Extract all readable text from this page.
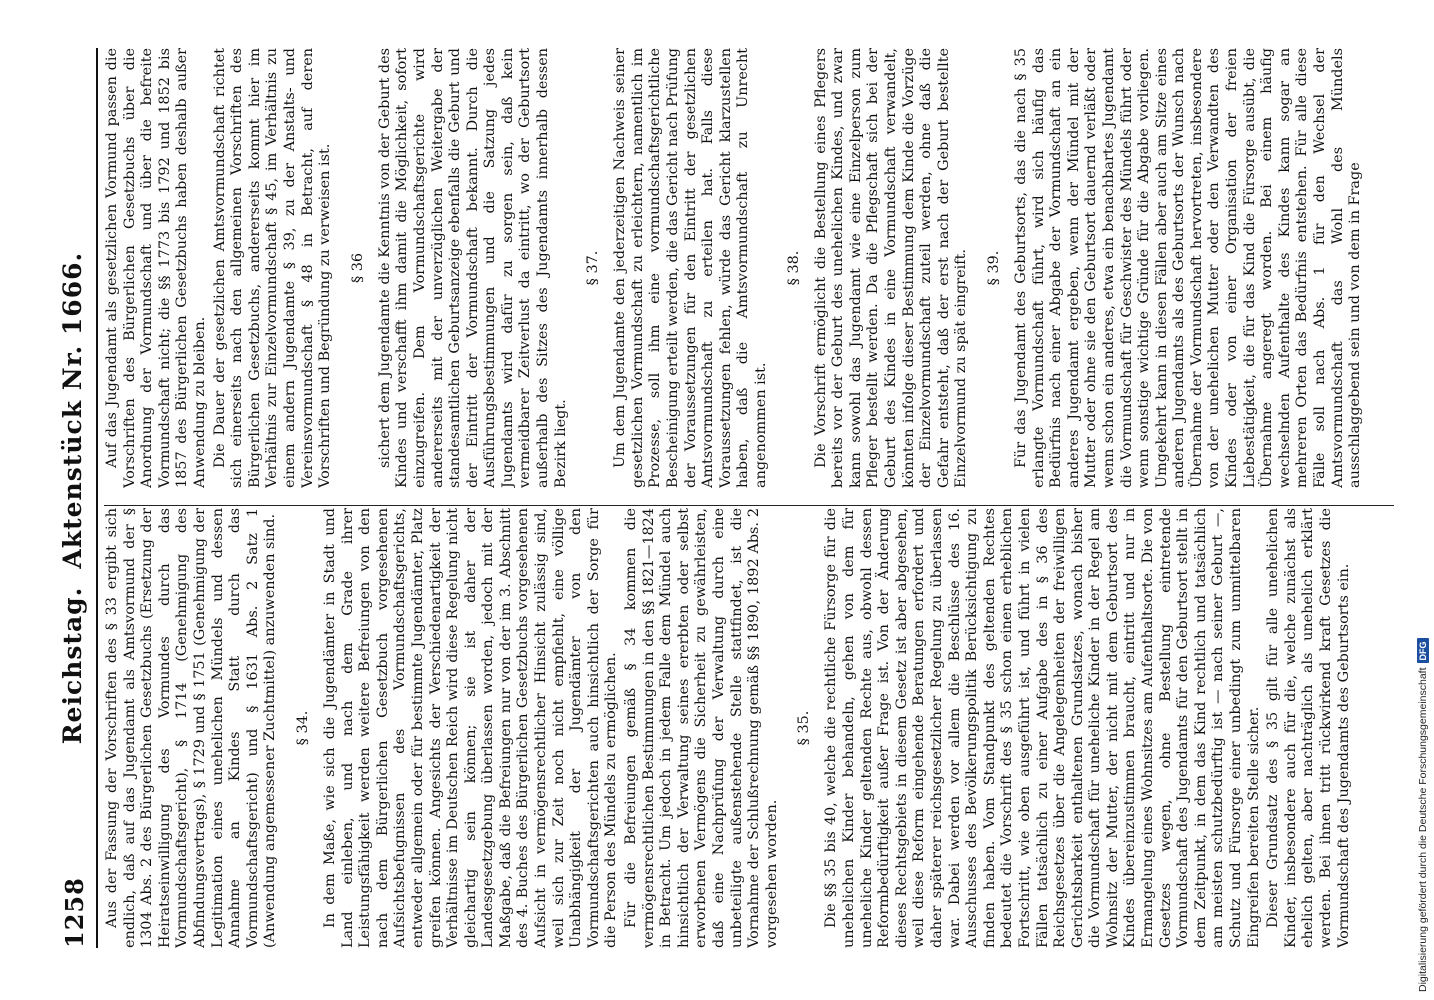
1258
Reichstag.Aktenstück Nr. 1666.

Aus der Fassung der Vorschriften des § 33 ergibt sich endlich, daß auf das Jugendamt als Amtsvormund der § 1304 Abs. 2 des Bürgerlichen Gesetzbuchs (Ersetzung der Heiratseinwilligung des Vormundes durch das Vormundschaftsgericht), § 1714 (Genehmigung des Abfindungsvertrags), § 1729 und § 1751 (Genehmigung der Legitimation eines unehelichen Mündels und dessen Annahme an Kindes Statt durch das Vormundschaftsgericht) und § 1631 Abs. 2 Satz 1 (Anwendung angemessener Zuchtmittel) anzuwenden sind. § 34. In dem Maße, wie sich die Jugendämter in Stadt und Land einleben, und nach dem Grade ihrer Leistungsfähigkeit werden weitere Befreiungen von den nach dem Bürgerlichen Gesetzbuch vorgesehenen Aufsichtsbefugnissen des Vormundschaftsgerichts, entweder allgemein oder für bestimmte Jugendämter, Platz greifen können. Angesichts der Verschiedenartigkeit der Verhältnisse im Deutschen Reich wird diese Regelung nicht gleichartig sein können; sie ist daher der Landesgesetzgebung überlassen worden, jedoch mit der Maßgabe, daß die Befreiungen nur von der im 3. Abschnitt des 4. Buches des Bürgerlichen Gesetzbuchs vorgesehenen Aufsicht in vermögensrechtlicher Hinsicht zulässig sind, weil sich zur Zeit noch nicht empfiehlt, eine völlige Unabhängigkeit der Jugendämter von den Vormundschaftsgerichten auch hinsichtlich der Sorge für die Person des Mündels zu ermöglichen. Für die Befreiungen gemäß § 34 kommen die vermögensrechtlichen Bestimmungen in den §§ 1821—1824 in Betracht. Um jedoch in jedem Falle dem Mündel auch hinsichtlich der Verwaltung seines ererbten oder selbst erworbenen Vermögens die Sicherheit zu gewährleisten, daß eine Nachprüfung der Verwaltung durch eine unbeteiligte außenstehende Stelle stattfindet, ist die Vornahme der Schlußrechnung gemäß §§ 1890, 1892 Abs. 2 vorgesehen worden.

§ 35. Die §§ 35 bis 40, welche die rechtliche Fürsorge für die unehelichen Kinder behandeln, gehen von dem für uneheliche Kinder geltenden Rechte aus, obwohl dessen Reformbedürftigkeit außer Frage ist. Von der Änderung dieses Rechtsgebiets in diesem Gesetz ist aber abgesehen, weil diese Reform eingehende Beratungen erfordert und daher späterer reichsgesetzlicher Regelung zu überlassen war. Dabei werden vor allem die Beschlüsse des 16. Ausschusses des Bevölkerungspolitik Berücksichtigung zu finden haben. Vom Standpunkt des geltenden Rechtes bedeutet die Vorschrift des § 35 schon einen erheblichen Fortschritt, wie oben ausgeführt ist, und führt in vielen Fällen tatsächlich zu einer Aufgabe des in § 36 des Reichsgesetzes über die Angelegenheiten der freiwilligen Gerichtsbarkeit enthaltenen Grundsatzes, wonach bisher die Vormundschaft für uneheliche Kinder in der Regel am Wohnsitz der Mutter, der nicht mit dem Geburtsort des Kindes übereinzustimmen braucht, eintritt und nur in Ermangelung eines Wohnsitzes am Aufenthaltsorte. Die von Gesetzes wegen, ohne Bestellung eintretende Vormundschaft des Jugendamts für den Geburtsort stellt in dem Zeitpunkt, in dem das Kind rechtlich und tatsächlich am meisten schutzbedürftig ist — nach seiner Geburt —, Schutz und Fürsorge einer unbedingt zum unmittelbaren Eingreifen bereiten Stelle sicher. Dieser Grundsatz des § 35 gilt für alle unehelichen Kinder, insbesondere auch für die, welche zunächst als ehelich gelten, aber nachträglich als unehelich erklärt werden. Bei ihnen tritt rückwirkend kraft Gesetzes die Vormundschaft des Jugendamts des Geburtsorts ein.

Auf das Jugendamt als gesetzlichen Vormund passen die Vorschriften des Bürgerlichen Gesetzbuchs über die Anordnung der Vormundschaft und über die befreite Vormundschaft nicht; die §§ 1773 bis 1792 und 1852 bis 1857 des Bürgerlichen Gesetzbuchs haben deshalb außer Anwendung zu bleiben. Die Dauer der gesetzlichen Amtsvormundschaft richtet sich einerseits nach den allgemeinen Vorschriften des Bürgerlichen Gesetzbuchs, andererseits kommt hier im Verhältnis zur Einzelvormundschaft § 45, im Verhältnis zu einem andern Jugendamte § 39, zu der Anstalts- und Vereinsvormundschaft § 48 in Betracht, auf deren Vorschriften und Begründung zu verweisen ist. § 36 sichert dem Jugendamte die Kenntnis von der Geburt des Kindes und verschafft ihm damit die Möglichkeit, sofort einzugreifen. Dem Vormundschaftsgerichte wird andererseits mit der unverzüglichen Weitergabe der standesamtlichen Geburtsanzeige ebenfalls die Geburt und der Eintritt der Vormundschaft bekannt. Durch die Ausführungsbestimmungen und die Satzung jedes Jugendamts wird dafür zu sorgen sein, daß kein vermeidbarer Zeitverlust da eintritt, wo der Geburtsort außerhalb des Sitzes des Jugendamts innerhalb dessen Bezirk liegt.

§ 37. Um dem Jugendamte den jederzeitigen Nachweis seiner gesetzlichen Vormundschaft zu erleichtern, namentlich im Prozesse, soll ihm eine vormundschaftsgerichtliche Bescheinigung erteilt werden, die das Gericht nach Prüfung der Voraussetzungen für den Eintritt der gesetzlichen Amtsvormundschaft zu erteilen hat. Falls diese Voraussetzungen fehlen, würde das Gericht klarzustellen haben, daß die Amtsvormundschaft zu Unrecht angenommen ist.

§ 38. Die Vorschrift ermöglicht die Bestellung eines Pflegers bereits vor der Geburt des unehelichen Kindes, und zwar kann sowohl das Jugendamt wie eine Einzelperson zum Pfleger bestellt werden. Da die Pflegschaft sich bei der Geburt des Kindes in eine Vormundschaft verwandelt, könnten infolge dieser Bestimmung dem Kinde die Vorzüge der Einzelvormundschaft zuteil werden, ohne daß die Gefahr entsteht, daß der erst nach der Geburt bestellte Einzelvormund zu spät eingreift. § 39. Für das Jugendamt des Geburtsorts, das die nach § 35 erlangte Vormundschaft führt, wird sich häufig das Bedürfnis nach einer Abgabe der Vormundschaft an ein anderes Jugendamt ergeben, wenn der Mündel mit der Mutter oder ohne sie den Geburtsort dauernd verläßt oder wenn schon ein anderes, etwa ein benachbartes Jugendamt die Vormundschaft für Geschwister des Mündels führt oder wenn sonstige wichtige Gründe für die Abgabe vorliegen. Umgekehrt kann in diesen Fällen aber auch am Sitze eines anderen Jugendamts als des Geburtsorts der Wunsch nach Übernahme der Vormundschaft hervortreten, insbesondere von der unehelichen Mutter oder den Verwandten des Kindes oder von einer Organisation der freien Liebestätigkeit, die für das Kind die Fürsorge ausübt, die Übernahme angeregt worden. Bei einem häufig wechselnden Aufenthalte des Kindes kann sogar an mehreren Orten das Bedürfnis entstehen. Für alle diese Fälle soll nach Abs. 1 für den Wechsel der Amtsvormundschaft das Wohl des Mündels ausschlaggebend sein und von dem in Frage

Digitalisierung gefördert durch die Deutsche Forschungsgemeinschaft
DFG
